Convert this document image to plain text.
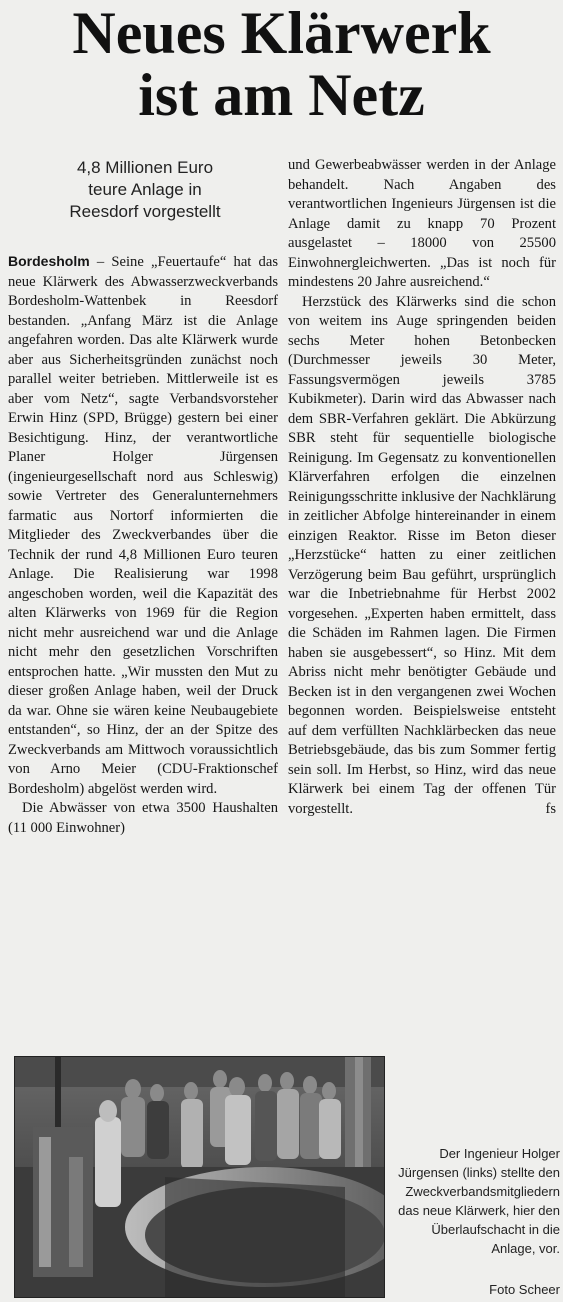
Neues Klärwerk
ist am Netz
4,8 Millionen Euro
teure Anlage in
Reesdorf vorgestellt

Bordesholm – Seine „Feuertaufe“ hat das neue Klärwerk des Abwasserzweckverbands Bordesholm-Wattenbek in Reesdorf bestanden. „Anfang März ist die Anlage angefahren worden. Das alte Klärwerk wurde aber aus Sicherheitsgründen zunächst noch parallel weiter betrieben. Mittlerweile ist es aber vom Netz“, sagte Verbandsvorsteher Erwin Hinz (SPD, Brügge) gestern bei einer Besichtigung. Hinz, der verantwortliche Planer Holger Jürgensen (ingenieurgesellschaft nord aus Schleswig) sowie Vertreter des Generalunternehmers farmatic aus Nortorf informierten die Mitglieder des Zweckverbandes über die Technik der rund 4,8 Millionen Euro teuren Anlage. Die Realisierung war 1998 angeschoben worden, weil die Kapazität des alten Klärwerks von 1969 für die Region nicht mehr ausreichend war und die Anlage nicht mehr den gesetzlichen Vorschriften entsprochen hatte. „Wir mussten den Mut zu dieser großen Anlage haben, weil der Druck da war. Ohne sie wären keine Neubaugebiete entstanden“, so Hinz, der an der Spitze des Zweckverbands am Mittwoch voraussichtlich von Arno Meier (CDU-Fraktionschef Bordesholm) abgelöst werden wird.

Die Abwässer von etwa 3500 Haushalten (11 000 Einwohner)

und Gewerbeabwässer werden in der Anlage behandelt. Nach Angaben des verantwortlichen Ingenieurs Jürgensen ist die Anlage damit zu knapp 70 Prozent ausgelastet – 18000 von 25500 Einwohnergleichwerten. „Das ist noch für mindestens 20 Jahre ausreichend.“

Herzstück des Klärwerks sind die schon von weitem ins Auge springenden beiden sechs Meter hohen Betonbecken (Durchmesser jeweils 30 Meter, Fassungsvermögen jeweils 3785 Kubikmeter). Darin wird das Abwasser nach dem SBR-Verfahren geklärt. Die Abkürzung SBR steht für sequentielle biologische Reinigung. Im Gegensatz zu konventionellen Klärverfahren erfolgen die einzelnen Reinigungsschritte inklusive der Nachklärung in zeitlicher Abfolge hintereinander in einem einzigen Reaktor. Risse im Beton dieser „Herzstücke“ hatten zu einer zeitlichen Verzögerung beim Bau geführt, ursprünglich war die Inbetriebnahme für Herbst 2002 vorgesehen. „Experten haben ermittelt, dass die Schäden im Rahmen lagen. Die Firmen haben sie ausgebessert“, so Hinz. Mit dem Abriss nicht mehr benötigter Gebäude und Becken ist in den vergangenen zwei Wochen begonnen worden. Beispielsweise entsteht auf dem verfüllten Nachklärbecken das neue Betriebsgebäude, das bis zum Sommer fertig sein soll. Im Herbst, so Hinz, wird das neue Klärwerk bei einem Tag der offenen Tür vorgestellt.	fs

Der Ingenieur Holger Jürgensen (links) stellte den Zweckverbandsmitgliedern das neue Klärwerk, hier den Überlaufschacht in die Anlage, vor.
Foto Scheer
